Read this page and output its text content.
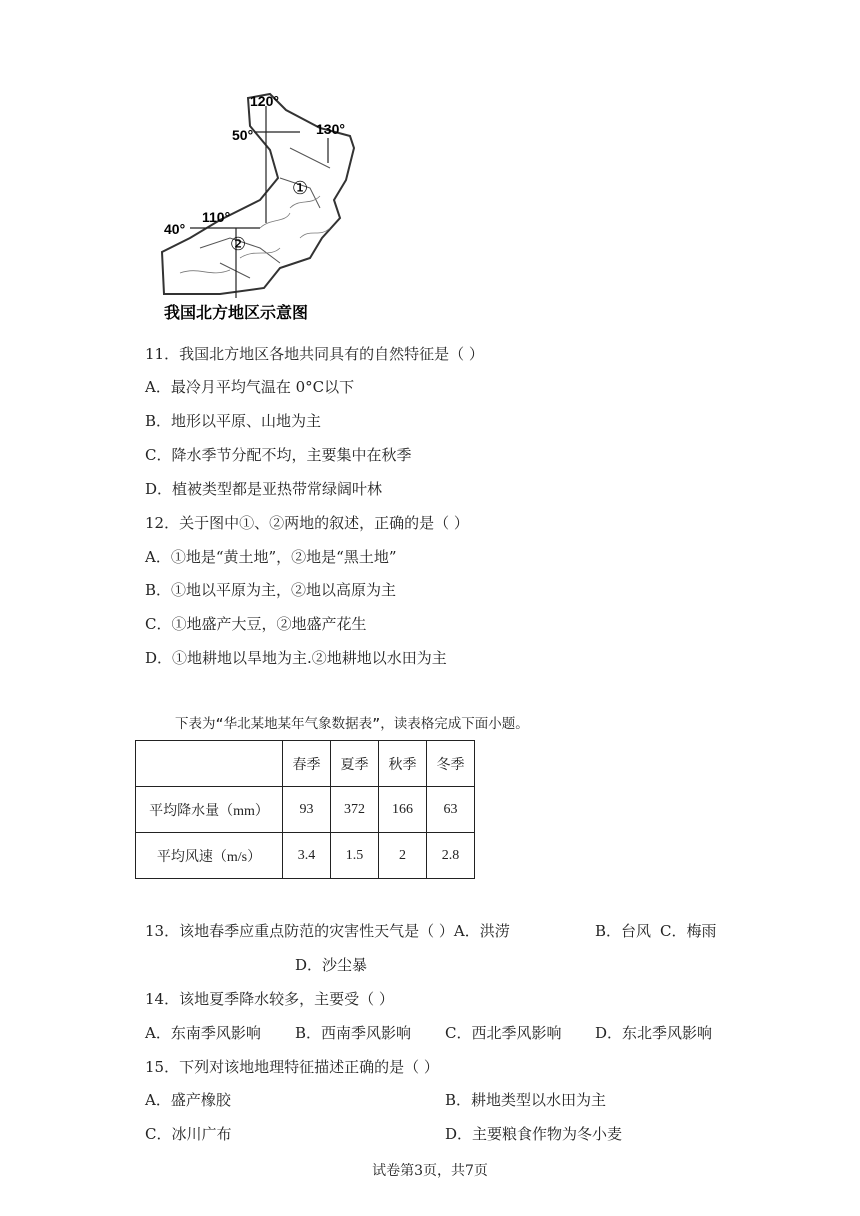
120°
130°
110°
50°
40°
①
②
我国北方地区示意图
11．我国北方地区各地共同具有的自然特征是（ ）
A．最冷月平均气温在 0°C以下
B．地形以平原、山地为主
C．降水季节分配不均，主要集中在秋季
D．植被类型都是亚热带常绿阔叶林
12．关于图中①、②两地的叙述，正确的是（ ）
A．①地是“黄土地”，②地是“黑土地”
B．①地以平原为主，②地以高原为主
C．①地盛产大豆，②地盛产花生
D．①地耕地以旱地为主.②地耕地以水田为主
下表为“华北某地某年气象数据表”，读表格完成下面小题。
	春季	夏季	秋季	冬季
平均降水量（mm）	93	372	166	63
平均风速（m/s）	3.4	1.5	2	2.8
13．该地春季应重点防范的灾害性天气是（ ）A．洪涝	B．台风 C．梅雨
D．沙尘暴
14．该地夏季降水较多，主要受（ ）
A．东南季风影响 B．西南季风影响 C．西北季风影响 D．东北季风影响
15．下列对该地地理特征描述正确的是（ ）
A．盛产橡胶	B．耕地类型以水田为主
C．冰川广布	D．主要粮食作物为冬小麦
试卷第3页，共7页
